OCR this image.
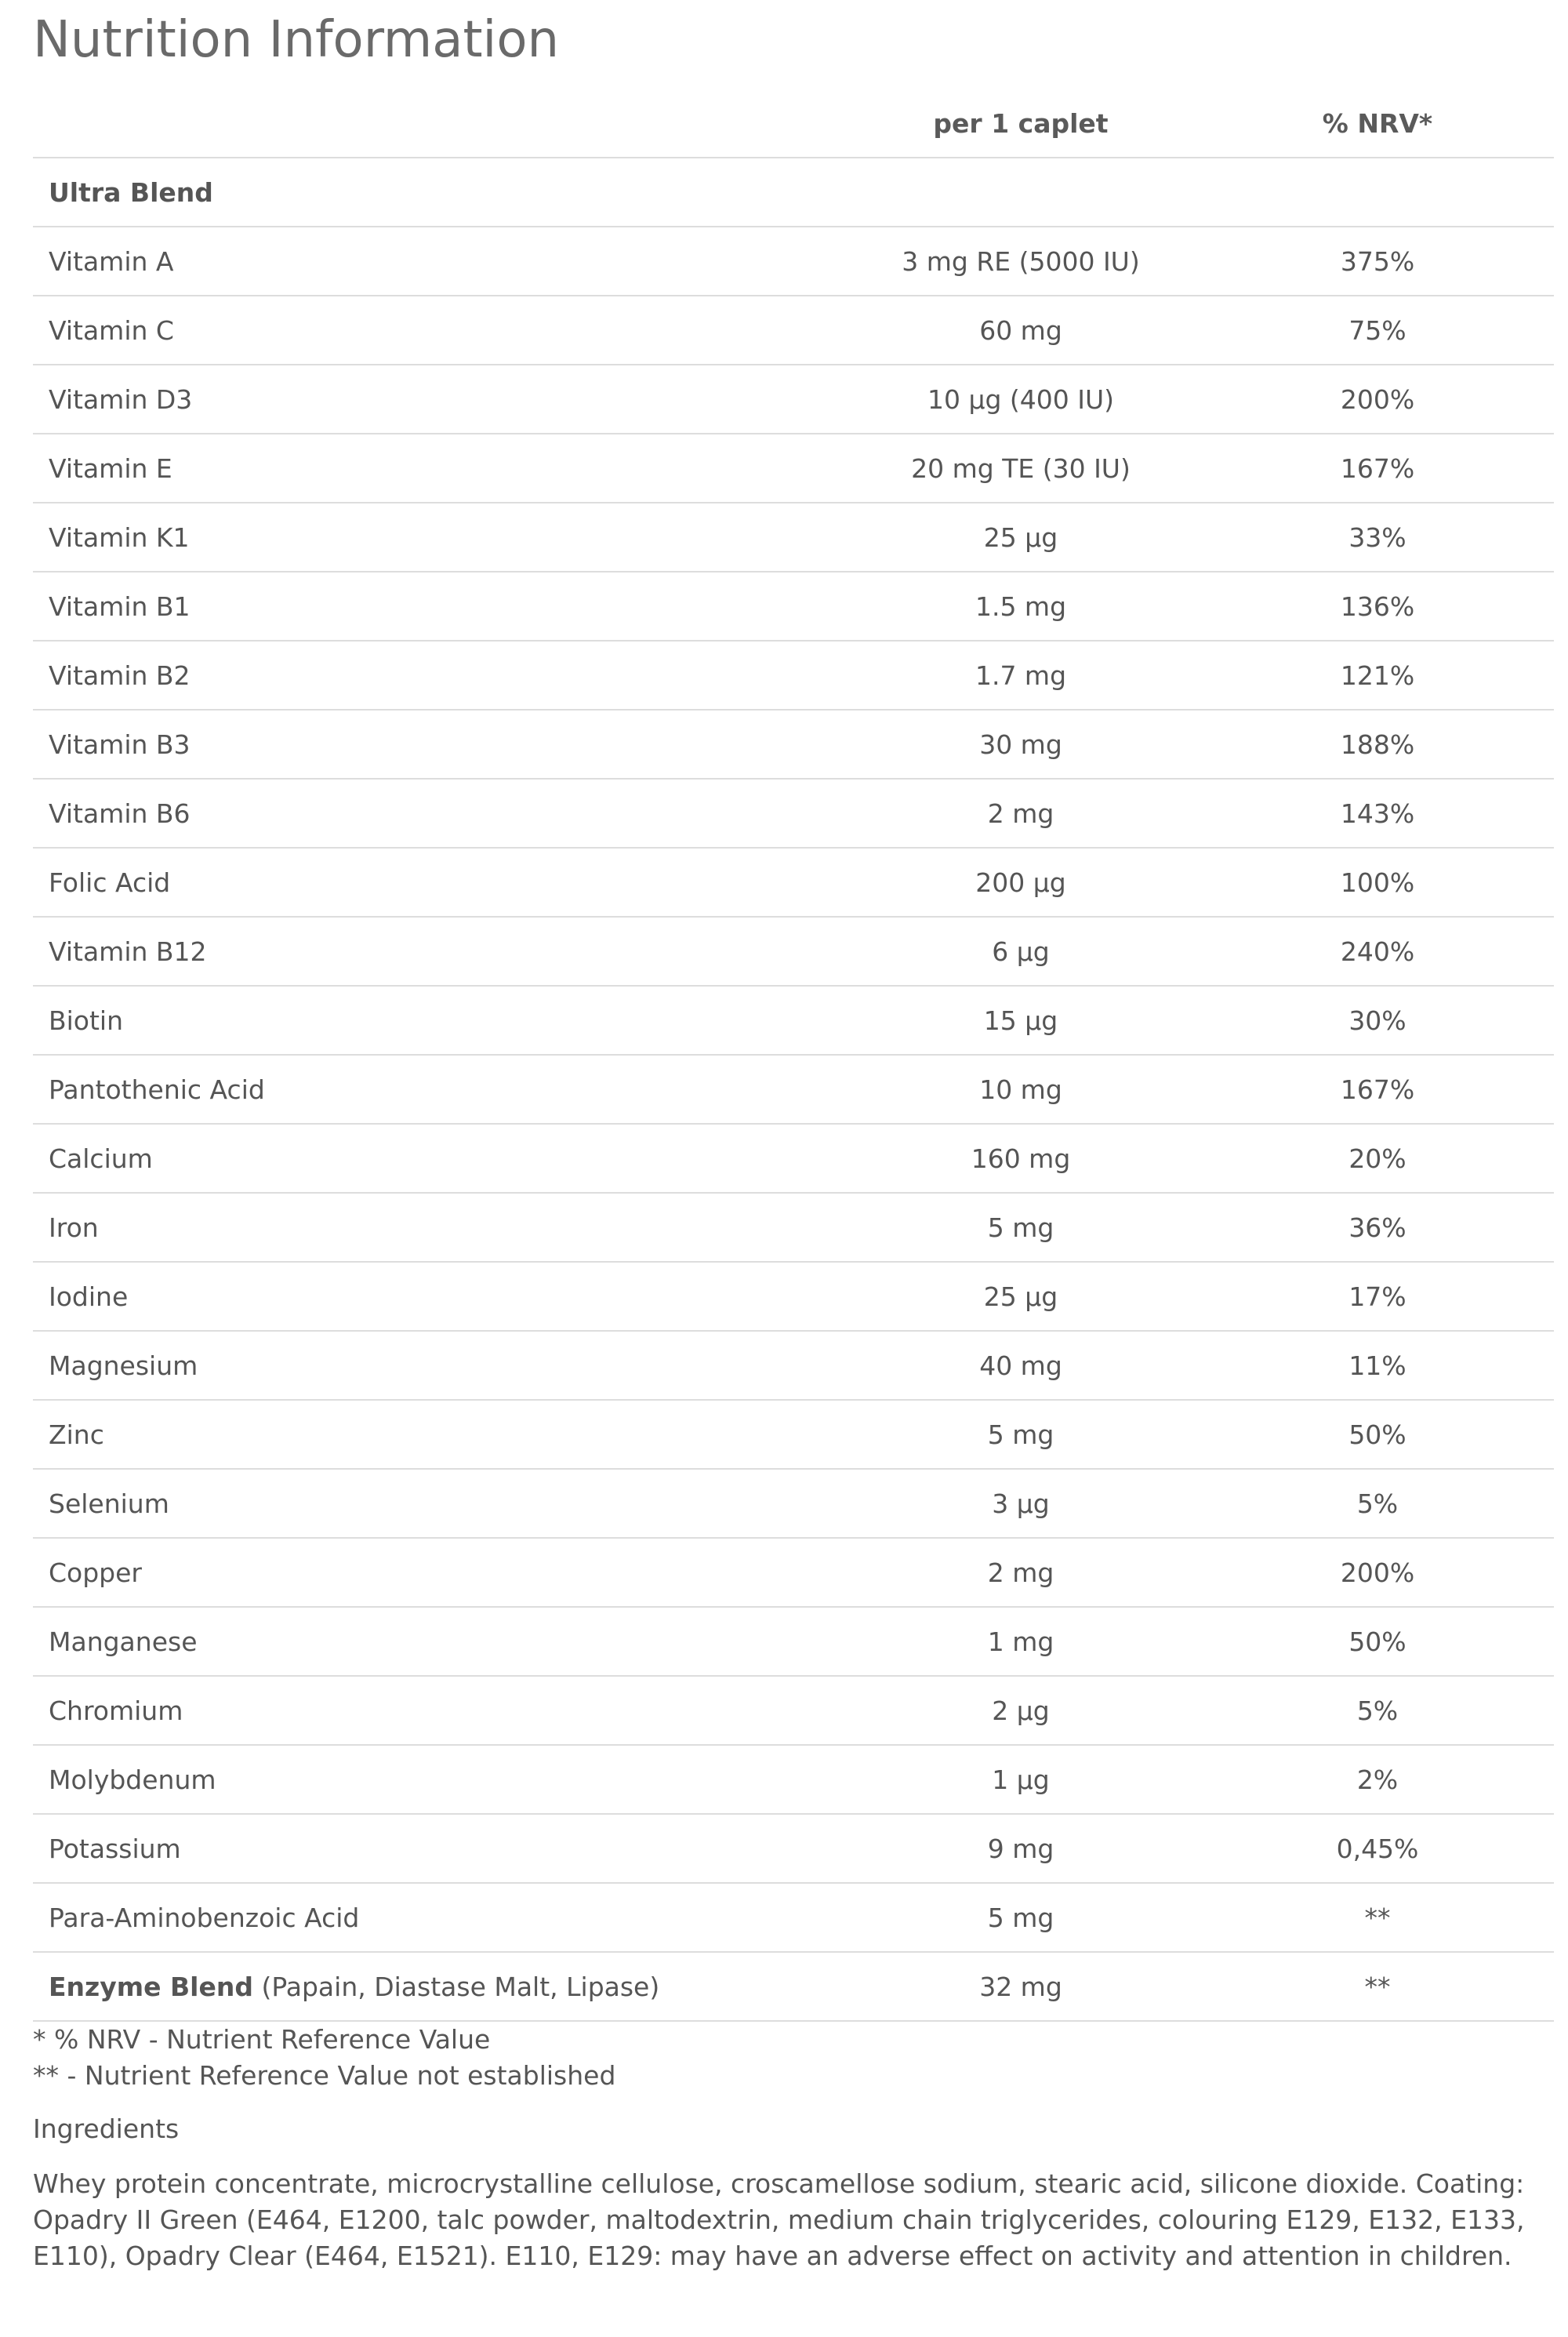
Nutrition Information
	per 1 caplet	% NRV*
Ultra Blend		
Vitamin A	3 mg RE (5000 IU)	375%
Vitamin C	60 mg	75%
Vitamin D3	10 µg (400 IU)	200%
Vitamin E	20 mg TE (30 IU)	167%
Vitamin K1	25 µg	33%
Vitamin B1	1.5 mg	136%
Vitamin B2	1.7 mg	121%
Vitamin B3	30 mg	188%
Vitamin B6	2 mg	143%
Folic Acid	200 µg	100%
Vitamin B12	6 µg	240%
Biotin	15 µg	30%
Pantothenic Acid	10 mg	167%
Calcium	160 mg	20%
Iron	5 mg	36%
Iodine	25 µg	17%
Magnesium	40 mg	11%
Zinc	5 mg	50%
Selenium	3 µg	5%
Copper	2 mg	200%
Manganese	1 mg	50%
Chromium	2 µg	5%
Molybdenum	1 µg	2%
Potassium	9 mg	0,45%
Para-Aminobenzoic Acid	5 mg	**
Enzyme Blend (Papain, Diastase Malt, Lipase)	32 mg	**

* % NRV - Nutrient Reference Value

** - Nutrient Reference Value not established

Ingredients

Whey protein concentrate, microcrystalline cellulose, croscamellose sodium, stearic acid, silicone dioxide. Coating: Opadry II Green (E464, E1200, talc powder, maltodextrin, medium chain triglycerides, colouring E129, E132, E133, E110), Opadry Clear (E464, E1521). E110, E129: may have an adverse effect on activity and attention in children.
